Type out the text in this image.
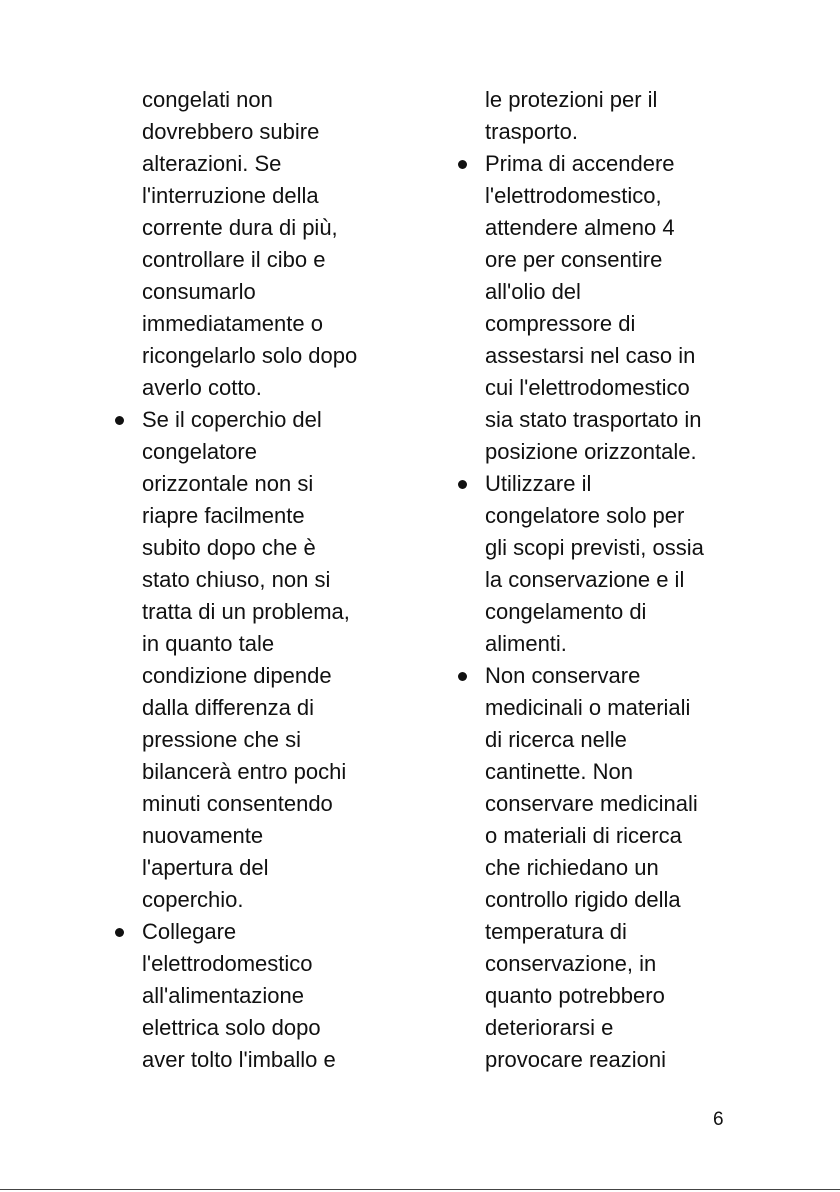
congelati non
dovrebbero subire
alterazioni. Se
l'interruzione della
corrente dura di più,
controllare il cibo e
consumarlo
immediatamente o
ricongelarlo solo dopo
averlo cotto.

Se il coperchio del
congelatore
orizzontale non si
riapre facilmente
subito dopo che è
stato chiuso, non si
tratta di un problema,
in quanto tale
condizione dipende
dalla differenza di
pressione che si
bilancerà entro pochi
minuti consentendo
nuovamente
l'apertura del
coperchio.

Collegare
l'elettrodomestico
all'alimentazione
elettrica solo dopo
aver tolto l'imballo e

le protezioni per il
trasporto.

Prima di accendere
l'elettrodomestico,
attendere almeno 4
ore per consentire
all'olio del
compressore di
assestarsi nel caso in
cui l'elettrodomestico
sia stato trasportato in
posizione orizzontale.

Utilizzare il
congelatore solo per
gli scopi previsti, ossia
la conservazione e il
congelamento di
alimenti.

Non conservare
medicinali o materiali
di ricerca nelle
cantinette. Non
conservare medicinali
o materiali di ricerca
che richiedano un
controllo rigido della
temperatura di
conservazione, in
quanto potrebbero
deteriorarsi e
provocare reazioni

6
